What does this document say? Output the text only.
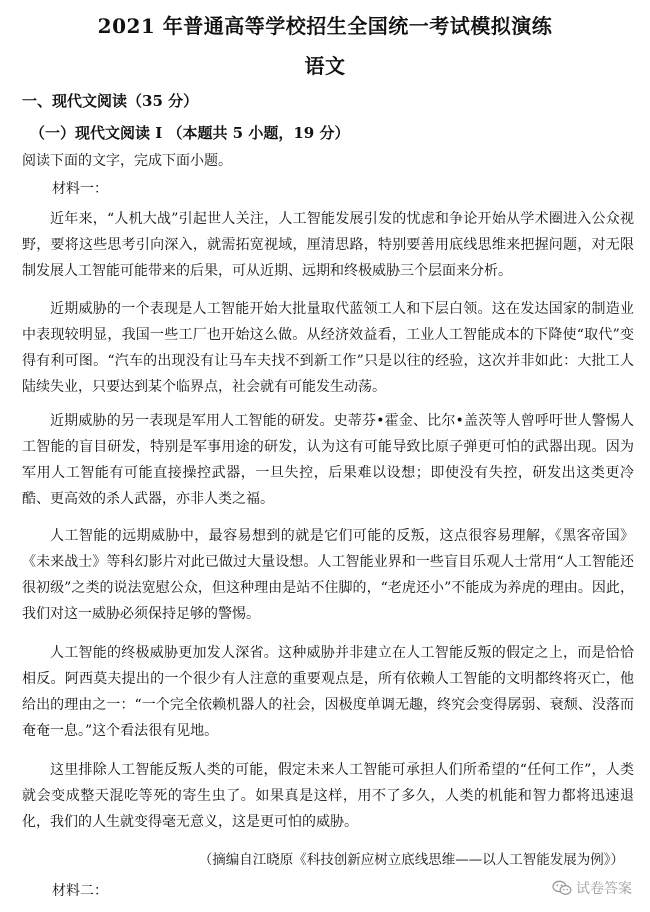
2021 年普通高等学校招生全国统一考试模拟演练
语文
一、现代文阅读（35 分）
（一）现代文阅读 I （本题共 5 小题，19 分）
阅读下面的文字，完成下面小题。
材料一：

近年来，“人机大战”引起世人关注，人工智能发展引发的忧虑和争论开始从学术圈进入公众视野，要将这些思考引向深入，就需拓宽视域，厘清思路，特别要善用底线思维来把握问题，对无限制发展人工智能可能带来的后果，可从近期、远期和终极威胁三个层面来分析。

近期威胁的一个表现是人工智能开始大批量取代蓝领工人和下层白领。这在发达国家的制造业中表现较明显，我国一些工厂也开始这么做。从经济效益看，工业人工智能成本的下降使“取代”变得有利可图。“汽车的出现没有让马车夫找不到新工作”只是以往的经验，这次并非如此：大批工人陆续失业，只要达到某个临界点，社会就有可能发生动荡。

近期威胁的另一表现是军用人工智能的研发。史蒂芬•霍金、比尔•盖茨等人曾呼吁世人警惕人工智能的盲目研发，特别是军事用途的研发，认为这有可能导致比原子弹更可怕的武器出现。因为军用人工智能有可能直接操控武器，一旦失控，后果难以设想；即使没有失控，研发出这类更冷酷、更高效的杀人武器，亦非人类之福。

人工智能的远期威胁中，最容易想到的就是它们可能的反叛，这点很容易理解，《黑客帝国》《未来战士》等科幻影片对此已做过大量设想。人工智能业界和一些盲目乐观人士常用“人工智能还很初级”之类的说法宽慰公众，但这种理由是站不住脚的，“老虎还小”不能成为养虎的理由。因此，我们对这一威胁必须保持足够的警惕。

人工智能的终极威胁更加发人深省。这种威胁并非建立在人工智能反叛的假定之上，而是恰恰相反。阿西莫夫提出的一个很少有人注意的重要观点是，所有依赖人工智能的文明都终将灭亡，他给出的理由之一：“一个完全依赖机器人的社会，因极度单调无趣，终究会变得孱弱、衰颓、没落而奄奄一息。”这个看法很有见地。

这里排除人工智能反叛人类的可能，假定未来人工智能可承担人们所希望的“任何工作”，人类就会变成整天混吃等死的寄生虫了。如果真是这样，用不了多久，人类的机能和智力都将迅速退化，我们的人生就变得毫无意义，这是更可怕的威胁。

（摘编自江晓原《科技创新应树立底线思维——以人工智能发展为例》）
材料二：	试卷答案
